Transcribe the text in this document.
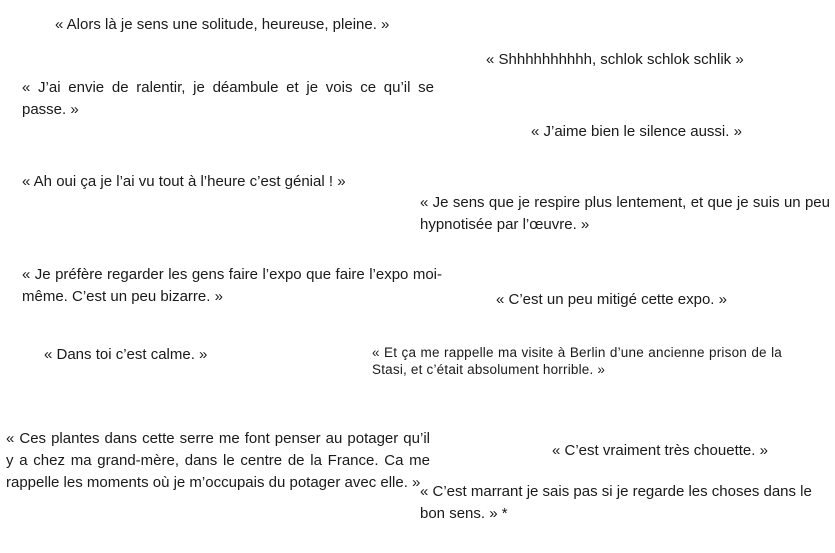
« Alors là je sens une solitude, heureuse, pleine. »

« Shhhhhhhhhh, schlok schlok schlik »

« J’ai envie de ralentir, je déambule et je vois ce qu’il se passe. »

« J’aime bien le silence aussi. »

« Ah oui ça je l’ai vu tout à l’heure c’est génial ! »

« Je sens que je respire plus lentement, et que je suis un peu hypnotisée par l’œuvre. »

« Je préfère regarder les gens faire l’expo que faire l’expo moi-même. C’est un peu bizarre. »	« C’est un peu mitigé cette expo. »

« Dans toi c’est calme. »	« Et ça me rappelle ma visite à Berlin d’une ancienne prison de la Stasi, et c’était absolument horrible. »

« Ces plantes dans cette serre me font penser au potager qu’il y a chez ma grand-mère, dans le centre de la France. Ca me rappelle les moments où je m’occupais du potager avec elle. »

« C’est vraiment très chouette. »

« C’est marrant je sais pas si je regarde les choses dans le bon sens. » *
